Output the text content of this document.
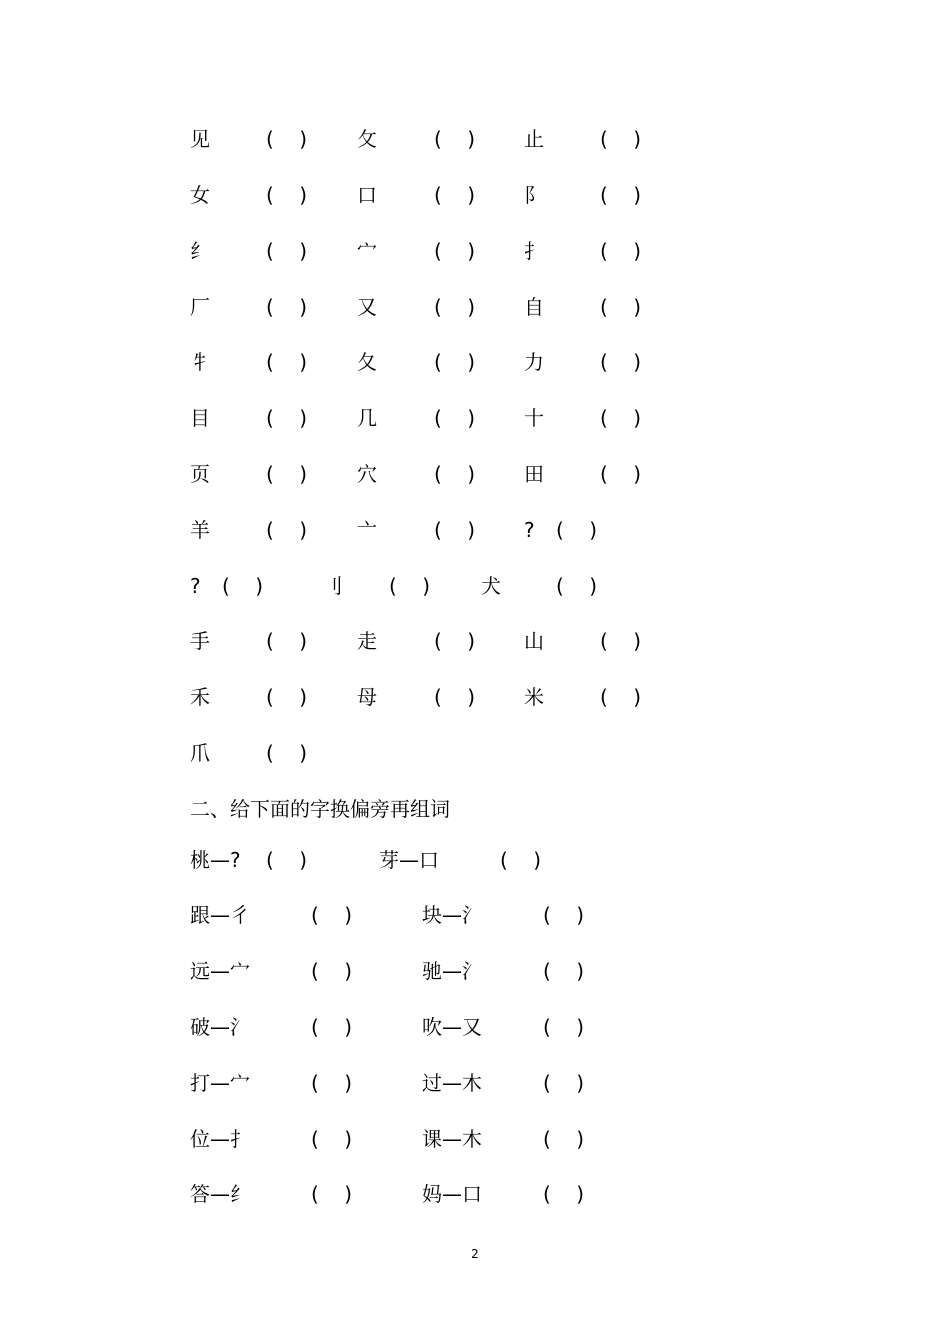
见	(    ) 攵	(    ) 止	(    )
女	(    ) 口	(    ) 阝	(    )
纟	(    ) 宀	(    ) 扌	(    )
厂	(    ) 又	(    ) 自	(    )
牜	(    ) 夂	(    ) 力	(    )
目	(    ) 几	(    ) 十	(    )
页	(    ) 穴	(    ) 田	(    )
羊	(    ) 亠	(    ) ? (    )
? (    )	刂 (    )	犬	(    )
手	(    ) 走	(    ) 山	(    )
禾	(    ) 母	(    ) 米	(    )
爪	(    )
二、给下面的字换偏旁再组词
桃—? (    )	芽—口	(    )
跟—彳	(    )	块—氵	(    )
远—宀	(    )	驰—氵	(    )
破—氵	(    )	吹—又	(    )
打—宀	(    )	过—木	(    )
位—扌	(    )	课—木	(    )
答—纟	(    )	妈—口	(    )
2
